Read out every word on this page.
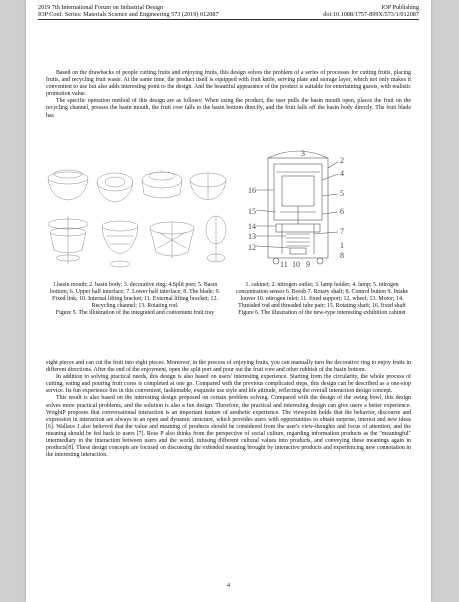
2019 7th International Forum on Industrial Design	IOP Publishing
IOP Conf. Series: Materials Science and Engineering 573 (2019) 012087	doi:10.1088/1757-899X/573/1/012087

Based on the drawbacks of people cutting fruits and enjoying fruits, this design solves the problem of a series of processes for cutting fruits, placing fruits, and recycling fruit waste. At the same time, the product itself is equipped with fruit knife, serving plate and storage layer, which not only makes it convenient to use but also adds interesting point to the design. And the beautiful appearance of the product is suitable for entertaining guests, with realistic promotion value.

The specific operation method of this design are as follows: When using the product, the user pulls the basin mouth open, places the fruit on the recycling channel, presses the basin mouth, the fruit core falls to the basin bottom directly, and the fruit falls off the basin body directly. The fruit blade has

1
2
3
4
5
6
7
8
9
10
11
12
13
14
15
16
1.basin mouth; 2. basin body; 3. decorative ring; 4.Split port; 5. Basin bottom; 6. Upper half interface; 7. Lower half interface; 8. The blade; 9. Fixed link; 10. Internal lifting bracket; 11. External lifting bracket; 12. Recycling channel; 13. Rotating rod.
Figure 5. The illustration of the integrated and convenient fruit tray
1. cabinet; 2. nitrogen outlet; 3. lamp holder; 4. lamp; 5. nitrogen concentration sensor 6. Booth 7. Rotary shaft; 8. Control button 9. Intake louver 10. nitrogen inlet; 11. fixed support; 12, wheel; 13. Motor; 14. Threaded rod and threaded tube pair; 15. Rotating shaft; 16. fixed shaft
Figure 6. The illustration of the new-type interesting exhibition cabinet

eight pieces and can cut the fruit into eight pieces. Moreover, in the process of enjoying fruits, you can manually turn the decorative ring to enjoy fruits in different directions. After the end of the enjoyment, open the split port and pour out the fruit core and other rubbish of the basin bottom.

In addition to solving practical needs, this design is also based on users' interesting experience. Starting from the circularity, the whole process of cutting, eating and pouring fruit cores is completed at one go. Compared with the previous complicated steps, this design can be described as a one-stop service. Its fun experience lies in this convenient, fashionable, exquisite use style and life attitude, reflecting the overall interaction design concept.

This result is also based on the interesting design proposed on certain problem solving. Compared with the design of the swing bowl, this design solves more practical problems, and the solution is also a fun design. Therefore, the practical and interesting design can give users a better experience. WrightP proposes that conversational interaction is an important feature of aesthetic experience. The viewpoint holds that the behavior, discourse and expression in interaction are always in an open and dynamic structure, which provides users with opportunities to obtain surprise, interest and new ideas [6]. Wallace J also believed that the value and meaning of products should be considered from the user's view-thoughts and focus of attention, and the meaning should be fed back to users [7]. Ross P also thinks from the perspective of social culture, regarding information products as the "meaningful" intermediary in the interaction between users and the world, infusing different cultural values into products, and conveying these meanings again in products[8]. These design concepts are focused on discussing the extended meaning brought by interactive products and experiencing new connotation in the interesting interaction.

4
